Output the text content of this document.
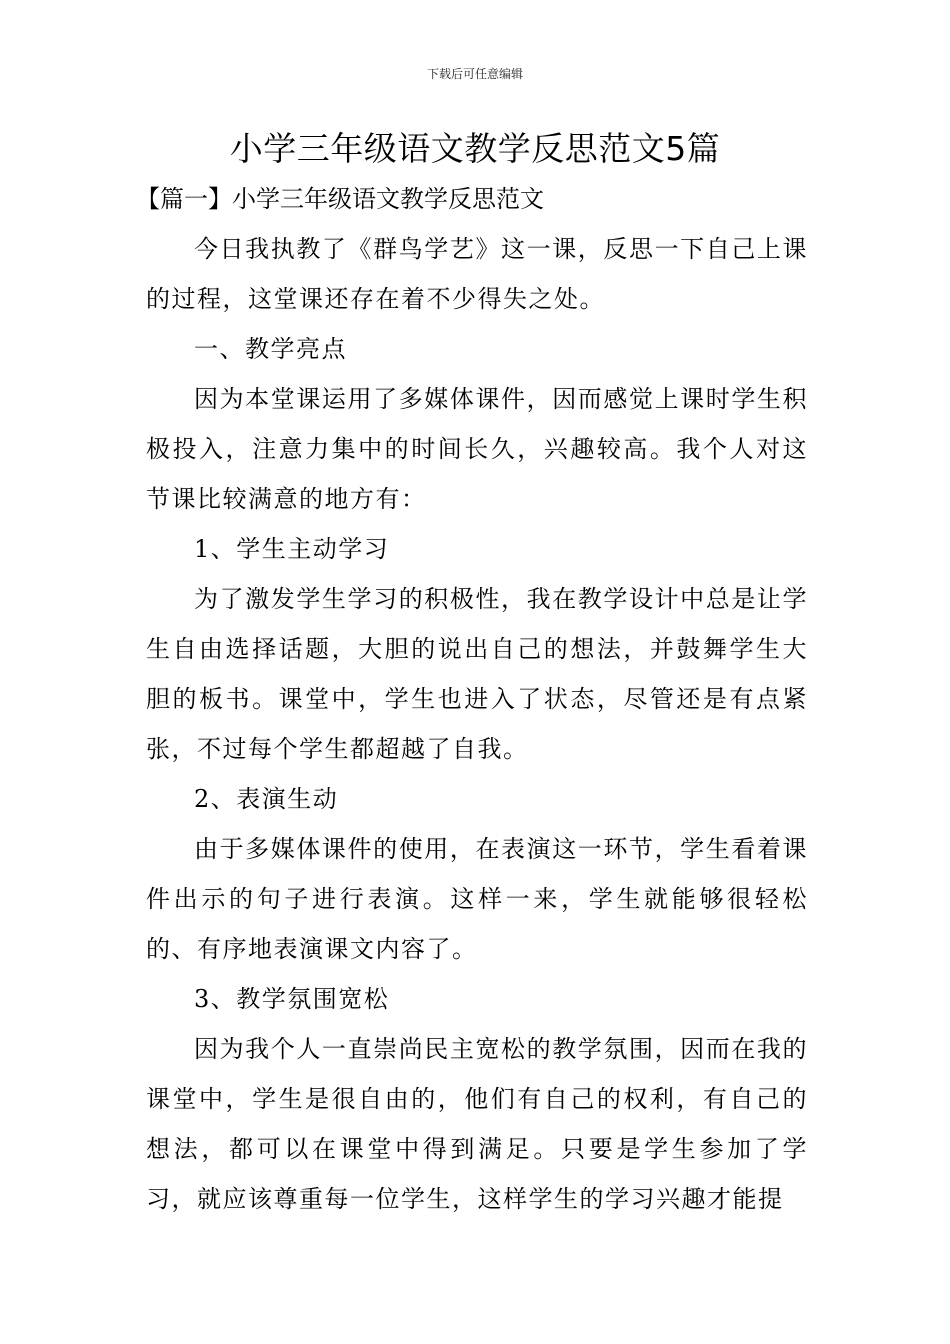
下载后可任意编辑
小学三年级语文教学反思范文5篇
【篇一】小学三年级语文教学反思范文

今日我执教了《群鸟学艺》这一课，反思一下自己上课的过程，这堂课还存在着不少得失之处。

一、教学亮点

因为本堂课运用了多媒体课件，因而感觉上课时学生积极投入，注意力集中的时间长久，兴趣较高。我个人对这节课比较满意的地方有：

1、学生主动学习

为了激发学生学习的积极性，我在教学设计中总是让学生自由选择话题，大胆的说出自己的想法，并鼓舞学生大胆的板书。课堂中，学生也进入了状态，尽管还是有点紧张，不过每个学生都超越了自我。

2、表演生动

由于多媒体课件的使用，在表演这一环节，学生看着课件出示的句子进行表演。这样一来，学生就能够很轻松的、有序地表演课文内容了。

3、教学氛围宽松

因为我个人一直崇尚民主宽松的教学氛围，因而在我的课堂中，学生是很自由的，他们有自己的权利，有自己的想法，都可以在课堂中得到满足。只要是学生参加了学习，就应该尊重每一位学生，这样学生的学习兴趣才能提
